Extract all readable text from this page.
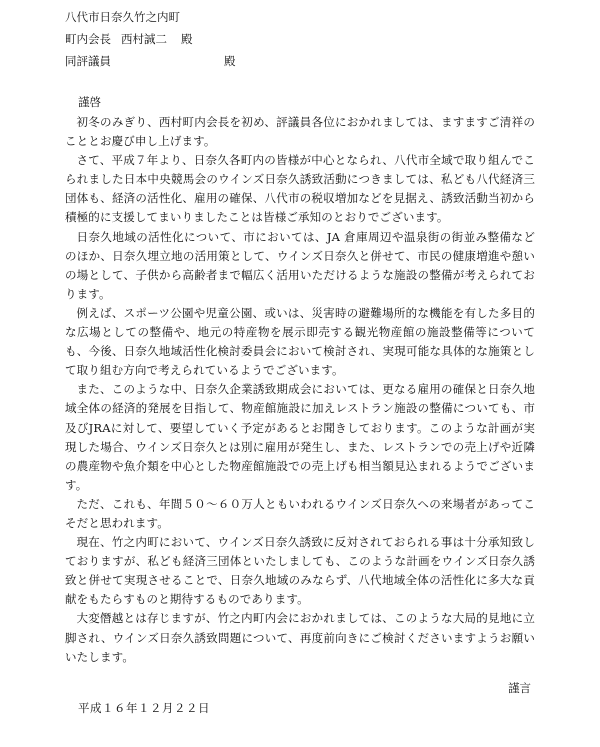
八代市日奈久竹之内町
町内会長 西村誠二 殿
同評議員	殿
謹啓

初冬のみぎり、西村町内会長を初め、評議員各位におかれましては、ますますご清祥のこととお慶び申し上げます。

さて、平成７年より、日奈久各町内の皆様が中心となられ、八代市全域で取り組んでこられました日本中央競馬会のウインズ日奈久誘致活動につきましては、私ども八代経済三団体も、経済の活性化、雇用の確保、八代市の税収増加などを見据え、誘致活動当初から積極的に支援してまいりましたことは皆様ご承知のとおりでございます。

日奈久地域の活性化について、市においては、JA 倉庫周辺や温泉街の街並み整備などのほか、日奈久埋立地の活用策として、ウインズ日奈久と併せて、市民の健康増進や憩いの場として、子供から高齢者まで幅広く活用いただけるような施設の整備が考えられております。

例えば、スポーツ公園や児童公園、或いは、災害時の避難場所的な機能を有した多目的な広場としての整備や、地元の特産物を展示即売する観光物産館の施設整備等についても、今後、日奈久地域活性化検討委員会において検討され、実現可能な具体的な施策として取り組む方向で考えられているようでございます。

また、このような中、日奈久企業誘致期成会においては、更なる雇用の確保と日奈久地域全体の経済的発展を目指して、物産館施設に加えレストラン施設の整備についても、市及びJRAに対して、要望していく予定があるとお聞きしております。このような計画が実現した場合、ウインズ日奈久とは別に雇用が発生し、また、レストランでの売上げや近隣の農産物や魚介類を中心とした物産館施設での売上げも相当額見込まれるようでございます。

ただ、これも、年間５０～６０万人ともいわれるウインズ日奈久への来場者があってこそだと思われます。

現在、竹之内町において、ウインズ日奈久誘致に反対されておられる事は十分承知致しておりますが、私ども経済三団体といたしましても、このような計画をウインズ日奈久誘致と併せて実現させることで、日奈久地域のみならず、八代地域全体の活性化に多大な貢献をもたらすものと期待するものであります。

大変僭越とは存じますが、竹之内町内会におかれましては、このような大局的見地に立脚され、ウインズ日奈久誘致問題について、再度前向きにご検討くださいますようお願いいたします。

謹言
平成１６年１２月２２日
